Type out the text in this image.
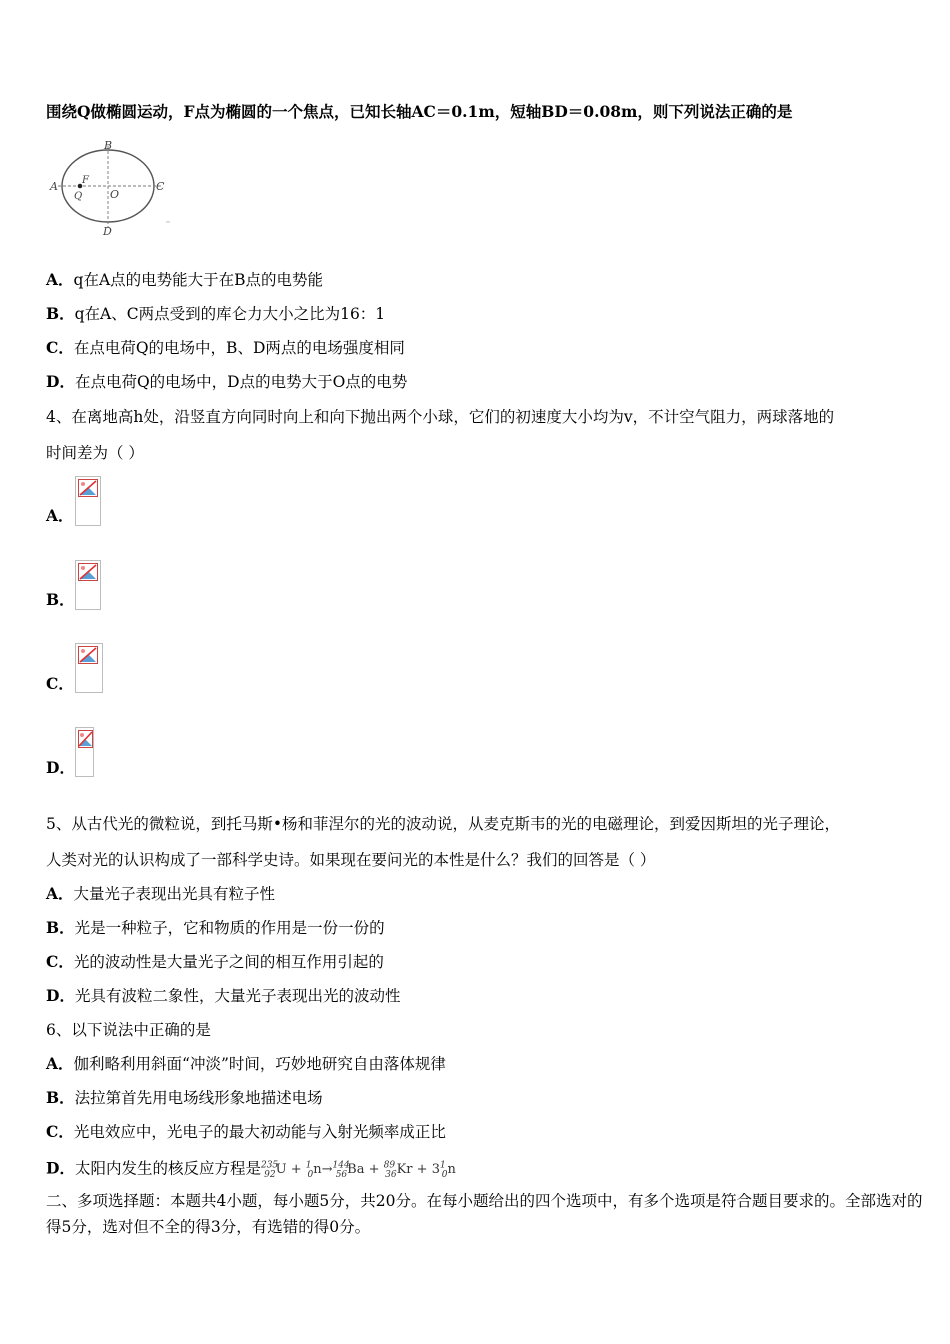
围绕Q做椭圆运动，F点为椭圆的一个焦点，已知长轴AC＝0.1m，短轴BD＝0.08m，则下列说法正确的是
A
B
C
D
F
Q	O
A．q在A点的电势能大于在B点的电势能
B．q在A、C两点受到的库仑力大小之比为16：1
C．在点电荷Q的电场中，B、D两点的电场强度相同
D．在点电荷Q的电场中，D点的电势大于O点的电势
4、在离地高h处，沿竖直方向同时向上和向下抛出两个小球，它们的初速度大小均为v，不计空气阻力，两球落地的
时间差为（ ）
A．
B．
C．
D．
5、从古代光的微粒说，到托马斯•杨和菲涅尔的光的波动说，从麦克斯韦的光的电磁理论，到爱因斯坦的光子理论，
人类对光的认识构成了一部科学史诗。如果现在要问光的本性是什么？我们的回答是（ ）
A．大量光子表现出光具有粒子性
B．光是一种粒子，它和物质的作用是一份一份的
C．光的波动性是大量光子之间的相互作用引起的
D．光具有波粒二象性，大量光子表现出光的波动性
6、以下说法中正确的是
A．伽利略利用斜面“冲淡”时间，巧妙地研究自由落体规律
B．法拉第首先用电场线形象地描述电场
C．光电效应中，光电子的最大初动能与入射光频率成正比
D．太阳内发生的核反应方程是$^{235}_{92}U + ^1_0n\to^{144}_{56}Ba + ^{89}_{36}Kr + 3^1_0n$
二、多项选择题：本题共4小题，每小题5分，共20分。在每小题给出的四个选项中，有多个选项是符合题目要求的。全部选对的得5分，选对但不全的得3分，有选错的得0分。
